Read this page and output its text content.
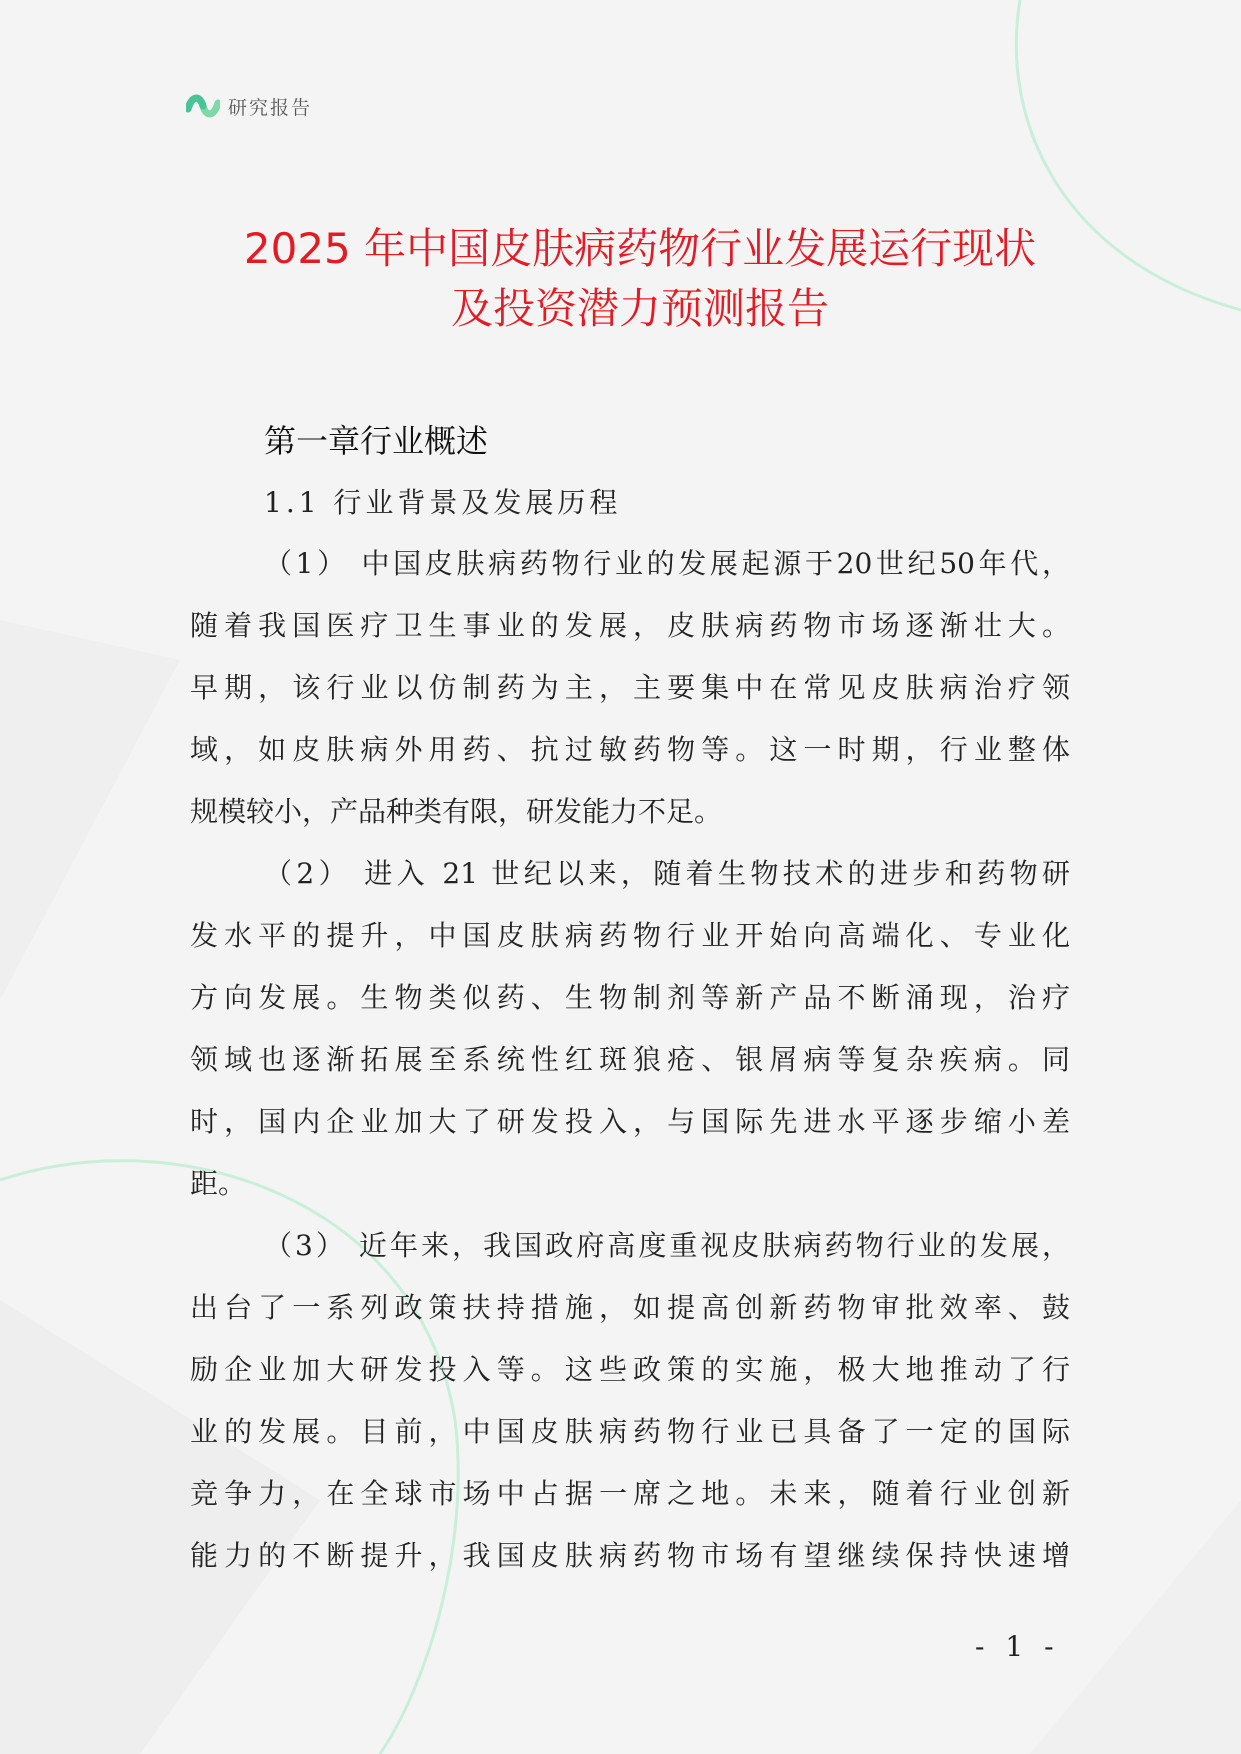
研究报告
2025 年中国皮肤病药物行业发展运行现状
及投资潜力预测报告
第一章行业概述
1.1 行业背景及发展历程
（1） 中国皮肤病药物行业的发展起源于20世纪50年代，
随着我国医疗卫生事业的发展，皮肤病药物市场逐渐壮大。
早期，该行业以仿制药为主，主要集中在常见皮肤病治疗领
域，如皮肤病外用药、抗过敏药物等。这一时期，行业整体
规模较小，产品种类有限，研发能力不足。
（2） 进入 21 世纪以来，随着生物技术的进步和药物研
发水平的提升，中国皮肤病药物行业开始向高端化、专业化
方向发展。生物类似药、生物制剂等新产品不断涌现，治疗
领域也逐渐拓展至系统性红斑狼疮、银屑病等复杂疾病。同
时，国内企业加大了研发投入，与国际先进水平逐步缩小差
距。
（3） 近年来，我国政府高度重视皮肤病药物行业的发展，
出台了一系列政策扶持措施，如提高创新药物审批效率、鼓
励企业加大研发投入等。这些政策的实施，极大地推动了行
业的发展。目前，中国皮肤病药物行业已具备了一定的国际
竞争力，在全球市场中占据一席之地。未来，随着行业创新
能力的不断提升，我国皮肤病药物市场有望继续保持快速增
- 1 -
